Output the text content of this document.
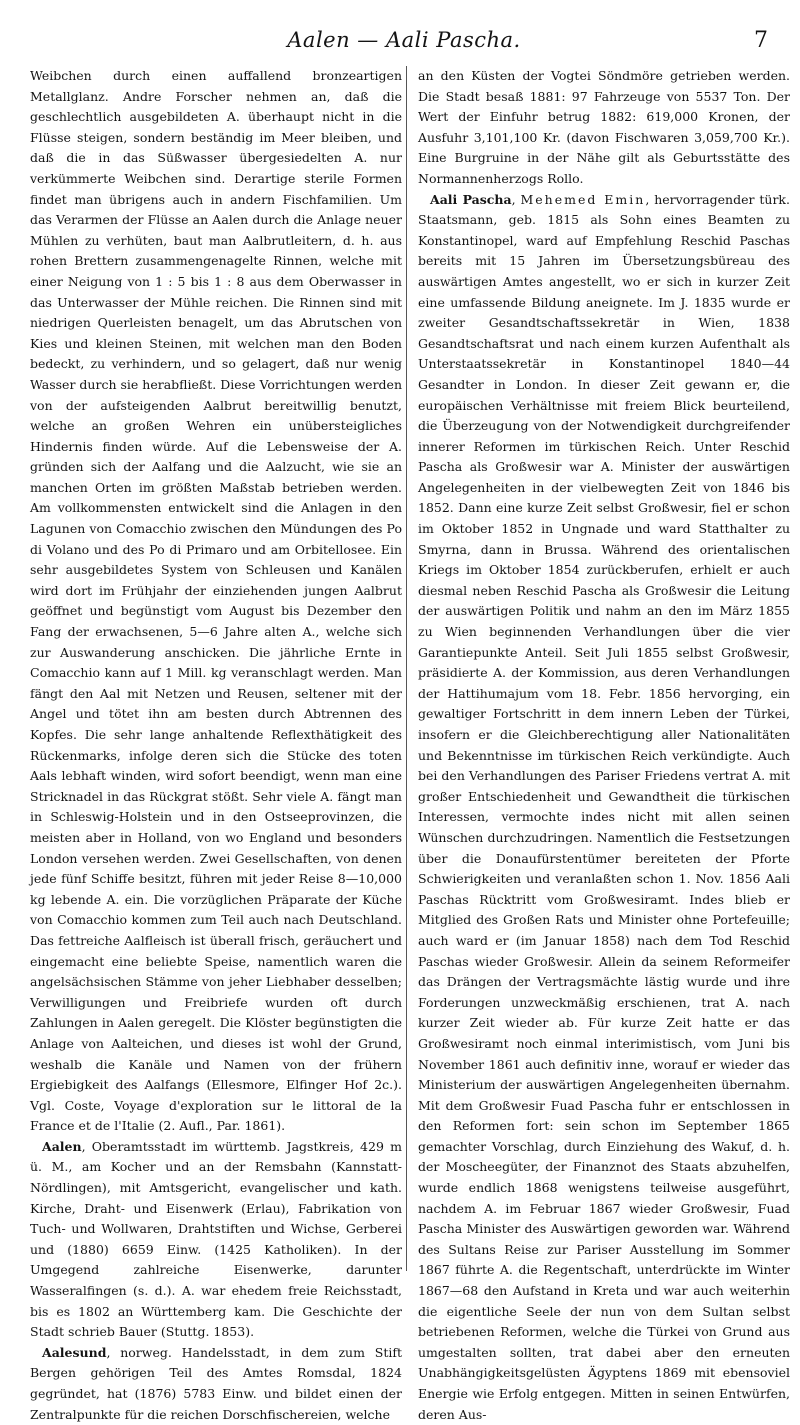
Aalen — Aali Pascha.	7

Weibchen durch einen auffallend bronzeartigen Metallglanz. Andre Forscher nehmen an, daß die geschlechtlich ausgebildeten A. überhaupt nicht in die Flüsse steigen, sondern beständig im Meer bleiben, und daß die in das Süßwasser übergesiedelten A. nur verkümmerte Weibchen sind. Derartige sterile Formen findet man übrigens auch in andern Fischfamilien. Um das Verarmen der Flüsse an Aalen durch die Anlage neuer Mühlen zu verhüten, baut man Aalbrutleitern, d. h. aus rohen Brettern zusammengenagelte Rinnen, welche mit einer Neigung von 1 : 5 bis 1 : 8 aus dem Oberwasser in das Unterwasser der Mühle reichen. Die Rinnen sind mit niedrigen Querleisten benagelt, um das Abrutschen von Kies und kleinen Steinen, mit welchen man den Boden bedeckt, zu verhindern, und so gelagert, daß nur wenig Wasser durch sie herabfließt. Diese Vorrichtungen werden von der aufsteigenden Aalbrut bereitwillig benutzt, welche an großen Wehren ein unübersteigliches Hindernis finden würde. Auf die Lebensweise der A. gründen sich der Aalfang und die Aalzucht, wie sie an manchen Orten im größten Maßstab betrieben werden. Am vollkommensten entwickelt sind die Anlagen in den Lagunen von Comacchio zwischen den Mündungen des Po di Volano und des Po di Primaro und am Orbitellosee. Ein sehr ausgebildetes System von Schleusen und Kanälen wird dort im Frühjahr der einziehenden jungen Aalbrut geöffnet und begünstigt vom August bis Dezember den Fang der erwachsenen, 5—6 Jahre alten A., welche sich zur Auswanderung anschicken. Die jährliche Ernte in Comacchio kann auf 1 Mill. kg veranschlagt werden. Man fängt den Aal mit Netzen und Reusen, seltener mit der Angel und tötet ihn am besten durch Abtrennen des Kopfes. Die sehr lange anhaltende Reflexthätigkeit des Rückenmarks, infolge deren sich die Stücke des toten Aals lebhaft winden, wird sofort beendigt, wenn man eine Stricknadel in das Rückgrat stößt. Sehr viele A. fängt man in Schleswig-Holstein und in den Ostseeprovinzen, die meisten aber in Holland, von wo England und besonders London versehen werden. Zwei Gesellschaften, von denen jede fünf Schiffe besitzt, führen mit jeder Reise 8—10,000 kg lebende A. ein. Die vorzüglichen Präparate der Küche von Comacchio kommen zum Teil auch nach Deutschland. Das fettreiche Aalfleisch ist überall frisch, geräuchert und eingemacht eine beliebte Speise, namentlich waren die angelsächsischen Stämme von jeher Liebhaber desselben; Verwilligungen und Freibriefe wurden oft durch Zahlungen in Aalen geregelt. Die Klöster begünstigten die Anlage von Aalteichen, und dieses ist wohl der Grund, weshalb die Kanäle und Namen von der frühern Ergiebigkeit des Aalfangs (Ellesmore, Elfinger Hof 2c.). Vgl. Coste, Voyage d'exploration sur le littoral de la France et de l'Italie (2. Aufl., Par. 1861).

Aalen, Oberamtsstadt im württemb. Jagstkreis, 429 m ü. M., am Kocher und an der Remsbahn (Kannstatt-Nördlingen), mit Amtsgericht, evangelischer und kath. Kirche, Draht- und Eisenwerk (Erlau), Fabrikation von Tuch- und Wollwaren, Drahtstiften und Wichse, Gerberei und (1880) 6659 Einw. (1425 Katholiken). In der Umgegend zahlreiche Eisenwerke, darunter Wasseralfingen (s. d.). A. war ehedem freie Reichsstadt, bis es 1802 an Württemberg kam. Die Geschichte der Stadt schrieb Bauer (Stuttg. 1853).

Aalesund, norweg. Handelsstadt, in dem zum Stift Bergen gehörigen Teil des Amtes Romsdal, 1824 gegründet, hat (1876) 5783 Einw. und bildet einen der Zentralpunkte für die reichen Dorschfischereien, welche

an den Küsten der Vogtei Söndmöre getrieben werden. Die Stadt besaß 1881: 97 Fahrzeuge von 5537 Ton. Der Wert der Einfuhr betrug 1882: 619,000 Kronen, der Ausfuhr 3,101,100 Kr. (davon Fischwaren 3,059,700 Kr.). Eine Burgruine in der Nähe gilt als Geburtsstätte des Normannenherzogs Rollo.

Aali Pascha, Mehemed Emin, hervorragender türk. Staatsmann, geb. 1815 als Sohn eines Beamten zu Konstantinopel, ward auf Empfehlung Reschid Paschas bereits mit 15 Jahren im Übersetzungsbüreau des auswärtigen Amtes angestellt, wo er sich in kurzer Zeit eine umfassende Bildung aneignete. Im J. 1835 wurde er zweiter Gesandtschaftssekretär in Wien, 1838 Gesandtschaftsrat und nach einem kurzen Aufenthalt als Unterstaatssekretär in Konstantinopel 1840—44 Gesandter in London. In dieser Zeit gewann er, die europäischen Verhältnisse mit freiem Blick beurteilend, die Überzeugung von der Notwendigkeit durchgreifender innerer Reformen im türkischen Reich. Unter Reschid Pascha als Großwesir war A. Minister der auswärtigen Angelegenheiten in der vielbewegten Zeit von 1846 bis 1852. Dann eine kurze Zeit selbst Großwesir, fiel er schon im Oktober 1852 in Ungnade und ward Statthalter zu Smyrna, dann in Brussa. Während des orientalischen Kriegs im Oktober 1854 zurückberufen, erhielt er auch diesmal neben Reschid Pascha als Großwesir die Leitung der auswärtigen Politik und nahm an den im März 1855 zu Wien beginnenden Verhandlungen über die vier Garantiepunkte Anteil. Seit Juli 1855 selbst Großwesir, präsidierte A. der Kommission, aus deren Verhandlungen der Hattihumajum vom 18. Febr. 1856 hervorging, ein gewaltiger Fortschritt in dem innern Leben der Türkei, insofern er die Gleichberechtigung aller Nationalitäten und Bekenntnisse im türkischen Reich verkündigte. Auch bei den Verhandlungen des Pariser Friedens vertrat A. mit großer Entschiedenheit und Gewandtheit die türkischen Interessen, vermochte indes nicht mit allen seinen Wünschen durchzudringen. Namentlich die Festsetzungen über die Donaufürstentümer bereiteten der Pforte Schwierigkeiten und veranlaßten schon 1. Nov. 1856 Aali Paschas Rücktritt vom Großwesiramt. Indes blieb er Mitglied des Großen Rats und Minister ohne Portefeuille; auch ward er (im Januar 1858) nach dem Tod Reschid Paschas wieder Großwesir. Allein da seinem Reformeifer das Drängen der Vertragsmächte lästig wurde und ihre Forderungen unzweckmäßig erschienen, trat A. nach kurzer Zeit wieder ab. Für kurze Zeit hatte er das Großwesiramt noch einmal interimistisch, vom Juni bis November 1861 auch definitiv inne, worauf er wieder das Ministerium der auswärtigen Angelegenheiten übernahm. Mit dem Großwesir Fuad Pascha fuhr er entschlossen in den Reformen fort: sein schon im September 1865 gemachter Vorschlag, durch Einziehung des Wakuf, d. h. der Moscheegüter, der Finanznot des Staats abzuhelfen, wurde endlich 1868 wenigstens teilweise ausgeführt, nachdem A. im Februar 1867 wieder Großwesir, Fuad Pascha Minister des Auswärtigen geworden war. Während des Sultans Reise zur Pariser Ausstellung im Sommer 1867 führte A. die Regentschaft, unterdrückte im Winter 1867—68 den Aufstand in Kreta und war auch weiterhin die eigentliche Seele der nun von dem Sultan selbst betriebenen Reformen, welche die Türkei von Grund aus umgestalten sollten, trat dabei aber den erneuten Unabhängigkeitsgelüsten Ägyptens 1869 mit ebensoviel Energie wie Erfolg entgegen. Mitten in seinen Entwürfen, deren Aus-
